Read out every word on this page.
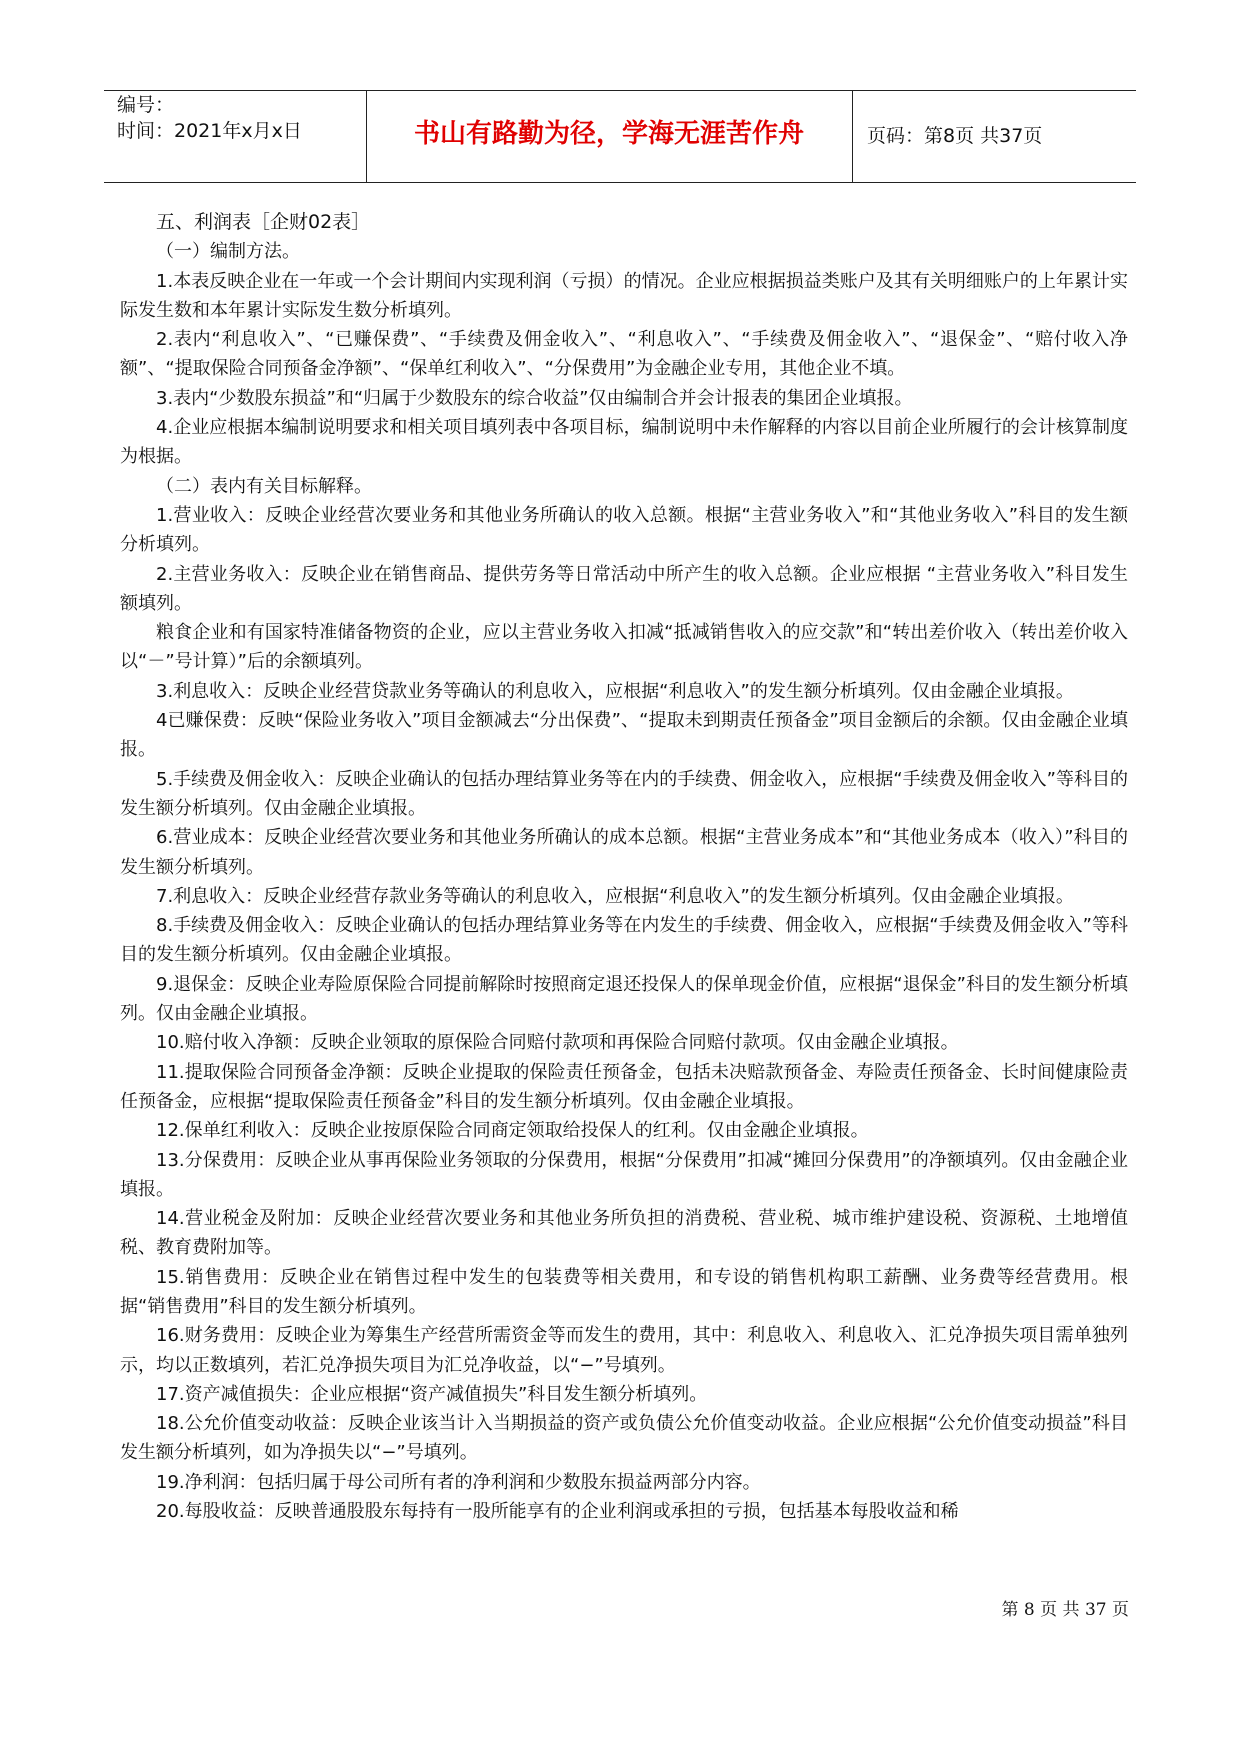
编号：
时间：2021年x月x日	书山有路勤为径，学海无涯苦作舟	页码：第8页 共37页

五、利润表［企财02表］

（一）编制方法。

1.本表反映企业在一年或一个会计期间内实现利润（亏损）的情况。企业应根据损益类账户及其有关明细账户的上年累计实际发生数和本年累计实际发生数分析填列。

2.表内“利息收入”、“已赚保费”、“手续费及佣金收入”、“利息收入”、“手续费及佣金收入”、“退保金”、“赔付收入净额”、“提取保险合同预备金净额”、“保单红利收入”、“分保费用”为金融企业专用，其他企业不填。

3.表内“少数股东损益”和“归属于少数股东的综合收益”仅由编制合并会计报表的集团企业填报。

4.企业应根据本编制说明要求和相关项目填列表中各项目标，编制说明中未作解释的内容以目前企业所履行的会计核算制度为根据。

（二）表内有关目标解释。

1.营业收入：反映企业经营次要业务和其他业务所确认的收入总额。根据“主营业务收入”和“其他业务收入”科目的发生额分析填列。

2.主营业务收入：反映企业在销售商品、提供劳务等日常活动中所产生的收入总额。企业应根据 “主营业务收入”科目发生额填列。

粮食企业和有国家特准储备物资的企业，应以主营业务收入扣减“抵减销售收入的应交款”和“转出差价收入（转出差价收入以“－”号计算）”后的余额填列。

3.利息收入：反映企业经营贷款业务等确认的利息收入，应根据“利息收入”的发生额分析填列。仅由金融企业填报。

4已赚保费：反映“保险业务收入”项目金额减去“分出保费”、“提取未到期责任预备金”项目金额后的余额。仅由金融企业填报。

5.手续费及佣金收入：反映企业确认的包括办理结算业务等在内的手续费、佣金收入，应根据“手续费及佣金收入”等科目的发生额分析填列。仅由金融企业填报。

6.营业成本：反映企业经营次要业务和其他业务所确认的成本总额。根据“主营业务成本”和“其他业务成本（收入）”科目的发生额分析填列。

7.利息收入：反映企业经营存款业务等确认的利息收入，应根据“利息收入”的发生额分析填列。仅由金融企业填报。

8.手续费及佣金收入：反映企业确认的包括办理结算业务等在内发生的手续费、佣金收入，应根据“手续费及佣金收入”等科目的发生额分析填列。仅由金融企业填报。

9.退保金：反映企业寿险原保险合同提前解除时按照商定退还投保人的保单现金价值，应根据“退保金”科目的发生额分析填列。仅由金融企业填报。

10.赔付收入净额：反映企业领取的原保险合同赔付款项和再保险合同赔付款项。仅由金融企业填报。

11.提取保险合同预备金净额：反映企业提取的保险责任预备金，包括未决赔款预备金、寿险责任预备金、长时间健康险责任预备金，应根据“提取保险责任预备金”科目的发生额分析填列。仅由金融企业填报。

12.保单红利收入：反映企业按原保险合同商定领取给投保人的红利。仅由金融企业填报。

13.分保费用：反映企业从事再保险业务领取的分保费用，根据“分保费用”扣减“摊回分保费用”的净额填列。仅由金融企业填报。

14.营业税金及附加：反映企业经营次要业务和其他业务所负担的消费税、营业税、城市维护建设税、资源税、土地增值税、教育费附加等。

15.销售费用：反映企业在销售过程中发生的包装费等相关费用，和专设的销售机构职工薪酬、业务费等经营费用。根据“销售费用”科目的发生额分析填列。

16.财务费用：反映企业为筹集生产经营所需资金等而发生的费用，其中：利息收入、利息收入、汇兑净损失项目需单独列示，均以正数填列，若汇兑净损失项目为汇兑净收益，以“−”号填列。

17.资产减值损失：企业应根据“资产减值损失”科目发生额分析填列。

18.公允价值变动收益：反映企业该当计入当期损益的资产或负债公允价值变动收益。企业应根据“公允价值变动损益”科目发生额分析填列，如为净损失以“−”号填列。

19.净利润：包括归属于母公司所有者的净利润和少数股东损益两部分内容。

20.每股收益：反映普通股股东每持有一股所能享有的企业利润或承担的亏损，包括基本每股收益和稀

第 8 页 共 37 页
